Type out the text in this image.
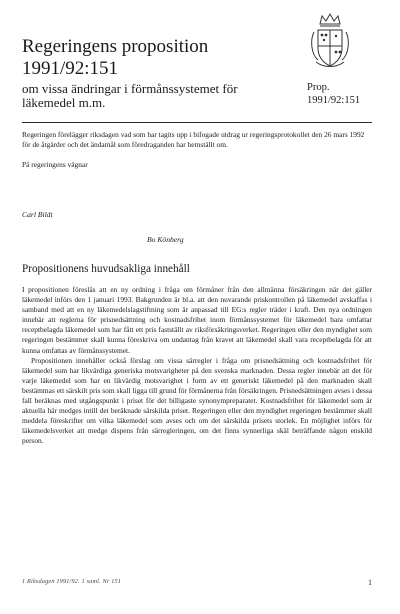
Regeringens proposition
1991/92:151
om vissa ändringar i förmånssystemet för
läkemedel m.m.
Prop.
1991/92:151

Regeringen förelägger riksdagen vad som har tagits upp i bifogade utdrag ur regeringsprotokollet den 26 mars 1992 för de åtgärder och det ändamål som föredraganden har hemställt om.

På regeringens vägnar

Carl Bildt
Bo Könberg
Propositionens huvudsakliga innehåll

I propositionen föreslås att en ny ordning i fråga om förmåner från den allmänna försäkringen när det gäller läkemedel införs den 1 januari 1993. Bakgrunden är bl.a. att den nuvarande priskontrollen på läkemedel avskaffas i samband med att en ny läkemedelslagstiftning som är anpassad till EG:s regler träder i kraft. Den nya ordningen innebär att reglerna för prisnedsättning och kostnadsfrihet inom förmånssystemet för läkemedel bara omfattar receptbelagda läkemedel som har fått ett pris fastställt av riksförsäkringsverket. Regeringen eller den myndighet som regeringen bestämmer skall kunna föreskriva om undantag från kravet att läkemedel skall vara receptbelagda för att kunna omfattas av förmånssystemet.

Propositionen innehåller också förslag om vissa särregler i fråga om prisnedsättning och kostnadsfrihet för läkemedel som har likvärdiga generiska motsvarigheter på den svenska marknaden. Dessa regler innebär att det för varje läkemedel som har en likvärdig motsvarighet i form av ett generiskt läkemedel på den marknaden skall bestämmas ett särskilt pris som skall ligga till grund för förmånerna från försäkringen. Prisnedsättningen avses i dessa fall beräknas med utgångspunkt i priset för det billigaste synonympreparatet. Kostnadsfrihet för läkemedel som är aktuella här medges intill det beräknade särskilda priset. Regeringen eller den myndighet regeringen bestämmer skall meddela föreskrifter om vilka läkemedel som avses och om det särskilda prisets storlek. En möjlighet införs för läkemedelsverket att medge dispens från särregleringen, om det finns synnerliga skäl beträffande någon enskild person.

1 Riksdagen 1991/92. 1 saml. Nr 151	1
